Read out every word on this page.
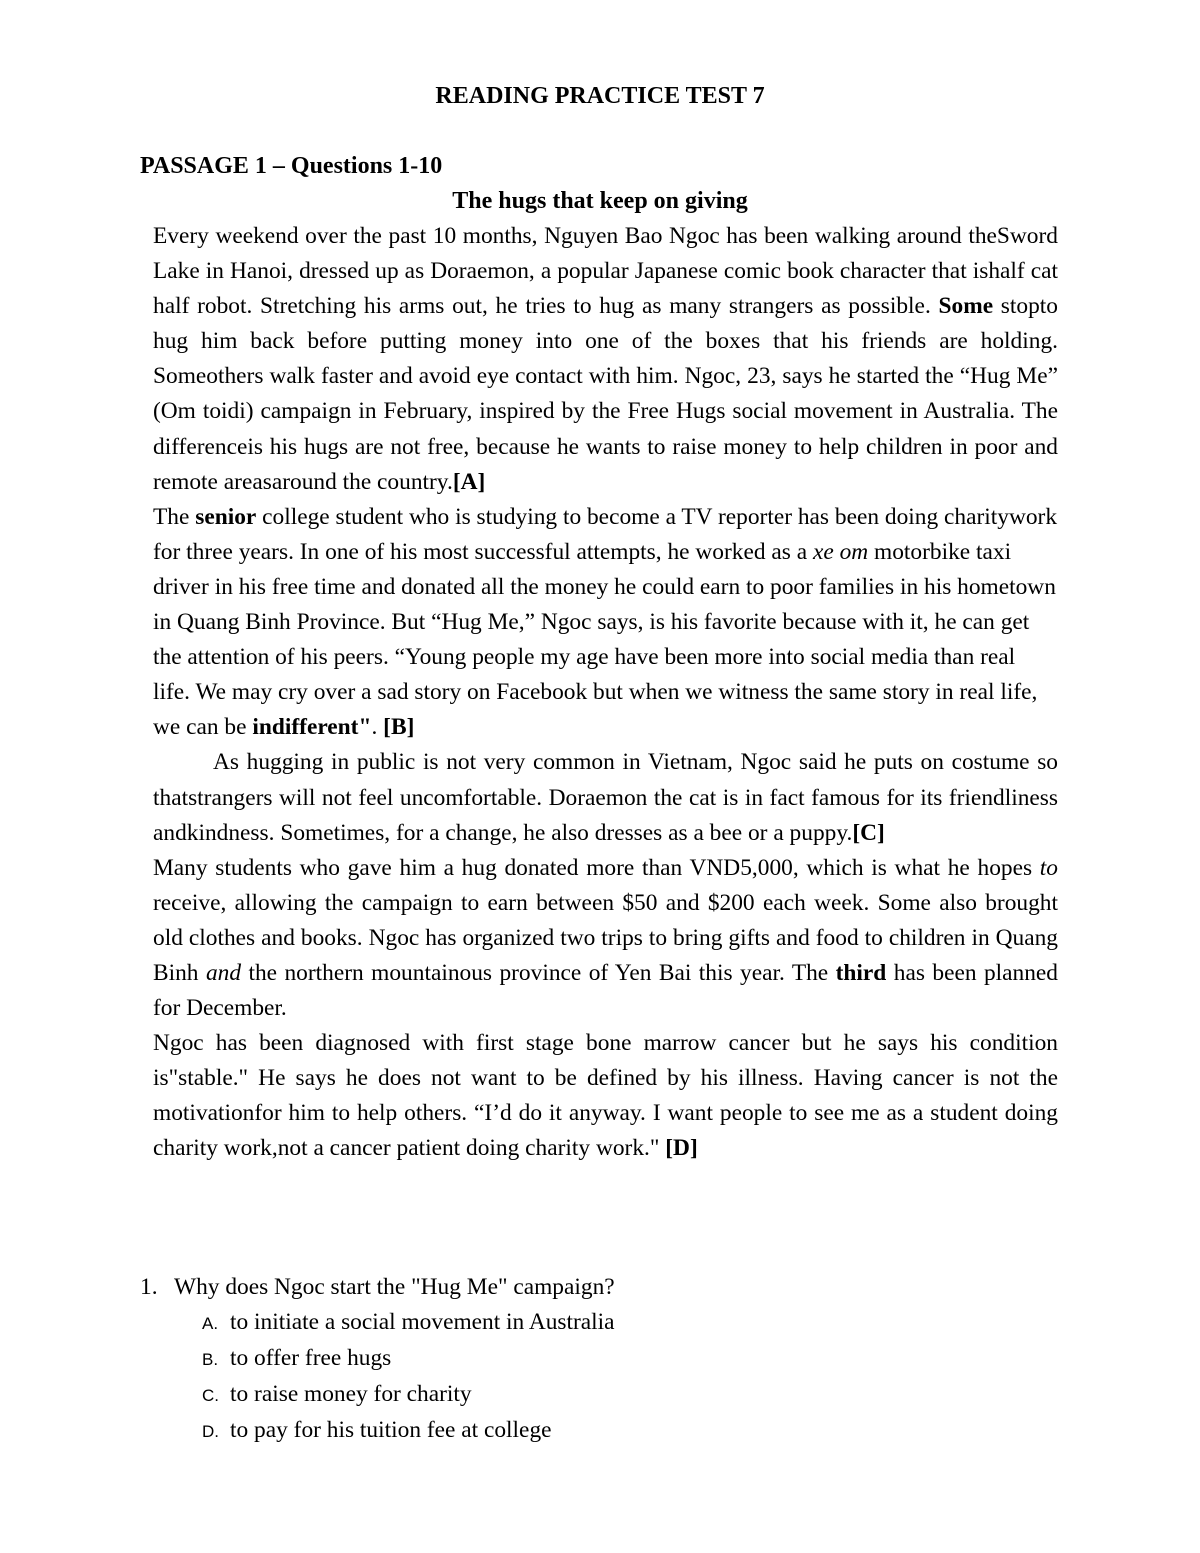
READING PRACTICE TEST 7
PASSAGE 1 – Questions 1-10
The hugs that keep on giving

Every weekend over the past 10 months, Nguyen Bao Ngoc has been walking around theSword Lake in Hanoi, dressed up as Doraemon, a popular Japanese comic book character that ishalf cat half robot. Stretching his arms out, he tries to hug as many strangers as possible. Some stopto hug him back before putting money into one of the boxes that his friends are holding. Someothers walk faster and avoid eye contact with him. Ngoc, 23, says he started the “Hug Me” (Om toidi) campaign in February, inspired by the Free Hugs social movement in Australia. The differenceis his hugs are not free, because he wants to raise money to help children in poor and remote areasaround the country.[A]

The senior college student who is studying to become a TV reporter has been doing charitywork for three years. In one of his most successful attempts, he worked as a xe om motorbike taxi driver in his free time and donated all the money he could earn to poor families in his hometown in Quang Binh Province. But “Hug Me,” Ngoc says, is his favorite because with it, he can get the attention of his peers. “Young people my age have been more into social media than real life. We may cry over a sad story on Facebook but when we witness the same story in real life, we can be indifferent". [B]

As hugging in public is not very common in Vietnam, Ngoc said he puts on costume so thatstrangers will not feel uncomfortable. Doraemon the cat is in fact famous for its friendliness andkindness. Sometimes, for a change, he also dresses as a bee or a puppy.[C]

Many students who gave him a hug donated more than VND5,000, which is what he hopes to receive, allowing the campaign to earn between $50 and $200 each week. Some also brought old clothes and books. Ngoc has organized two trips to bring gifts and food to children in Quang Binh and the northern mountainous province of Yen Bai this year. The third has been planned for December.

Ngoc has been diagnosed with first stage bone marrow cancer but he says his condition is"stable." He says he does not want to be defined by his illness. Having cancer is not the motivationfor him to help others. “I’d do it anyway. I want people to see me as a student doing charity work,not a cancer patient doing charity work." [D]

1. Why does Ngoc start the "Hug Me" campaign?
A. to initiate a social movement in Australia
B. to offer free hugs
C. to raise money for charity
D. to pay for his tuition fee at college
